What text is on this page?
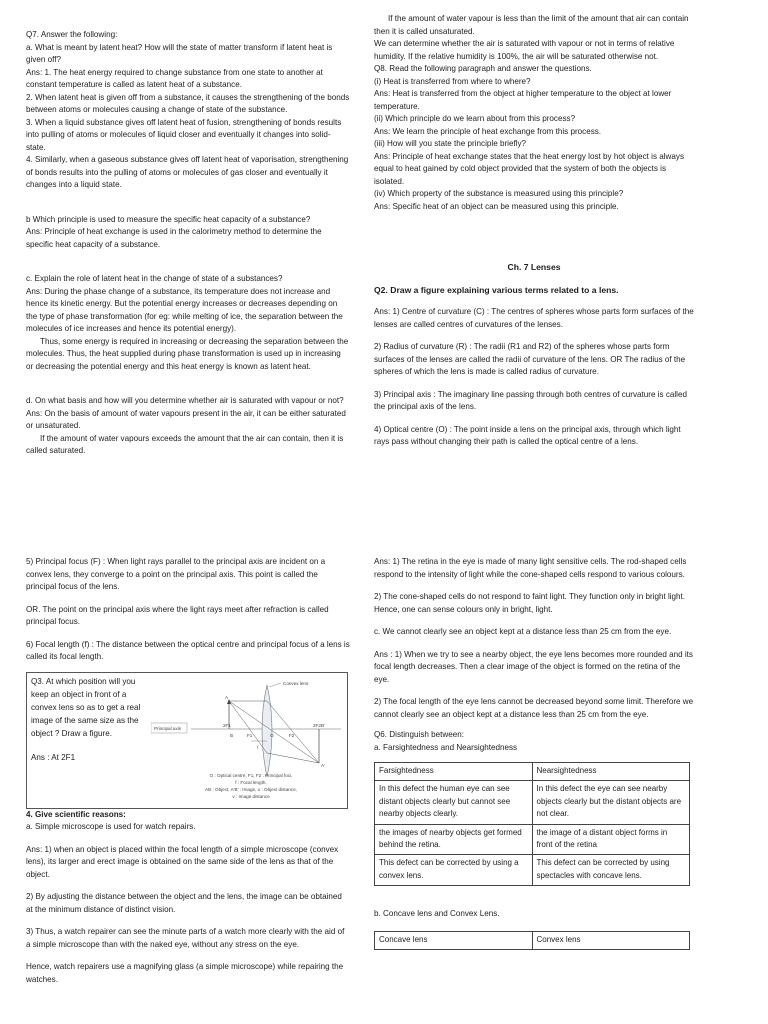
Q7. Answer the following:

a. What is meant by latent heat? How will the state of matter transform if latent heat is given off?

Ans: 1. The heat energy required to change substance from one state to another at constant temperature is called as latent heat of a substance.

2. When latent heat is given off from a substance, it causes the strengthening of the bonds between atoms or molecules causing a change of state of the substance.

3. When a liquid substance gives off latent heat of fusion, strengthening of bonds results into pulling of atoms or molecules of liquid closer and eventually it changes into solid-state.

4. Similarly, when a gaseous substance gives off latent heat of vaporisation, strengthening of bonds results into the pulling of atoms or molecules of gas closer and eventually it changes into a liquid state.

b Which principle is used to measure the specific heat capacity of a substance?

Ans: Principle of heat exchange is used in the calorimetry method to determine the specific heat capacity of a substance.

c. Explain the role of latent heat in the change of state of a substances?

Ans: During the phase change of a substance, its temperature does not increase and hence its kinetic energy. But the potential energy increases or decreases depending on the type of phase transformation (for eg: while melting of ice, the separation between the molecules of ice increases and hence its potential energy).

Thus, some energy is required in increasing or decreasing the separation between the molecules. Thus, the heat supplied during phase transformation is used up in increasing or decreasing the potential energy and this heat energy is known as latent heat.

d. On what basis and how will you determine whether air is saturated with vapour or not?

Ans: On the basis of amount of water vapours present in the air, it can be either saturated or unsaturated.

If the amount of water vapours exceeds the amount that the air can contain, then it is called saturated.

If the amount of water vapour is less than the limit of the amount that air can contain then it is called unsaturated.

We can determine whether the air is saturated with vapour or not in terms of relative humidity. If the relative humidity is 100%, the air will be saturated otherwise not.

Q8. Read the following paragraph and answer the questions.

(i) Heat is transferred from where to where?

Ans: Heat is transferred from the object at higher temperature to the object at lower temperature.

(ii) Which principle do we learn about from this process?

Ans: We learn the principle of heat exchange from this process.

(iii) How will you state the principle briefly?

Ans: Principle of heat exchange states that the heat energy lost by hot object is always equal to heat gained by cold object provided that the system of both the objects is isolated.

(iv) Which property of the substance is measured using this principle?

Ans: Specific heat of an object can be measured using this principle.

Ch. 7 Lenses

Q2. Draw a figure explaining various terms related to a lens.

Ans: 1) Centre of curvature (C) : The centres of spheres whose parts form surfaces of the lenses are called centres of curvatures of the lenses.

2) Radius of curvature (R) : The radii (R1 and R2) of the spheres whose parts form surfaces of the lenses are called the radii of curvature of the lens. OR The radius of the spheres of which the lens is made is called radius of curvature.

3) Principal axis : The imaginary line passing through both centres of curvature is called the principal axis of the lens.

4) Optical centre (O) : The point inside a lens on the principal axis, through which light rays pass without changing their path is called the optical centre of a lens.

5) Principal focus (F) : When light rays parallel to the principal axis are incident on a convex lens, they converge to a point on the principal axis. This point is called the principal focus of the lens.

OR. The point on the principal axis where the light rays meet after refraction is called principal focus.

6) Focal length (f) : The distance between the optical centre and principal focus of a lens is called its focal length.

Q3. At which position will you keep an object in front of a convex lens so as to get a real image of the same size as the object ? Draw a figure.

Ans : At 2F1

Convex lens
Principal axis
2F1
F1	O	F2
2F2
A
B
A'
B'
f
O : Optical centre, F1, F2 : Principal foci,
f : Focal length,
AB : Object, A'B' : Image, u : Object distance,
v : Image distance

4. Give scientific reasons:

a. Simple microscope is used for watch repairs.

Ans: 1) when an object is placed within the focal length of a simple microscope (convex lens), its larger and erect image is obtained on the same side of the lens as that of the object.

2) By adjusting the distance between the object and the lens, the image can be obtained at the minimum distance of distinct vision.

3) Thus, a watch repairer can see the minute parts of a watch more clearly with the aid of a simple microscope than with the naked eye, without any stress on the eye.

Hence, watch repairers use a magnifying glass (a simple microscope) while repairing the watches.

Ans: 1) The retina in the eye is made of many light sensitive cells. The rod-shaped cells respond to the intensity of light while the cone-shaped cells respond to various colours.

2) The cone-shaped cells do not respond to faint light. They function only in bright light. Hence, one can sense colours only in bright, light.

c. We cannot clearly see an object kept at a distance less than 25 cm from the eye.

Ans : 1) When we try to see a nearby object, the eye lens becomes more rounded and its focal length decreases. Then a clear image of the object is formed on the retina of the eye.

2) The focal length of the eye lens cannot be decreased beyond some limit. Therefore we cannot clearly see an object kept at a distance less than 25 cm from the eye.

Q6. Distinguish between:

a. Farsightedness and Nearsightedness

Farsightedness	Nearsightedness
In this defect the human eye can see distant objects clearly but cannot see nearby objects clearly.	In this defect the eye can see nearby objects clearly but the distant objects are not clear.
the images of nearby objects get formed behind the retina.	the image of a distant object forms in front of the retina
This defect can be corrected by using a convex lens.	This defect can be corrected by using spectacles with concave lens.

b. Concave lens and Convex Lens.

Concave lens	Convex lens
